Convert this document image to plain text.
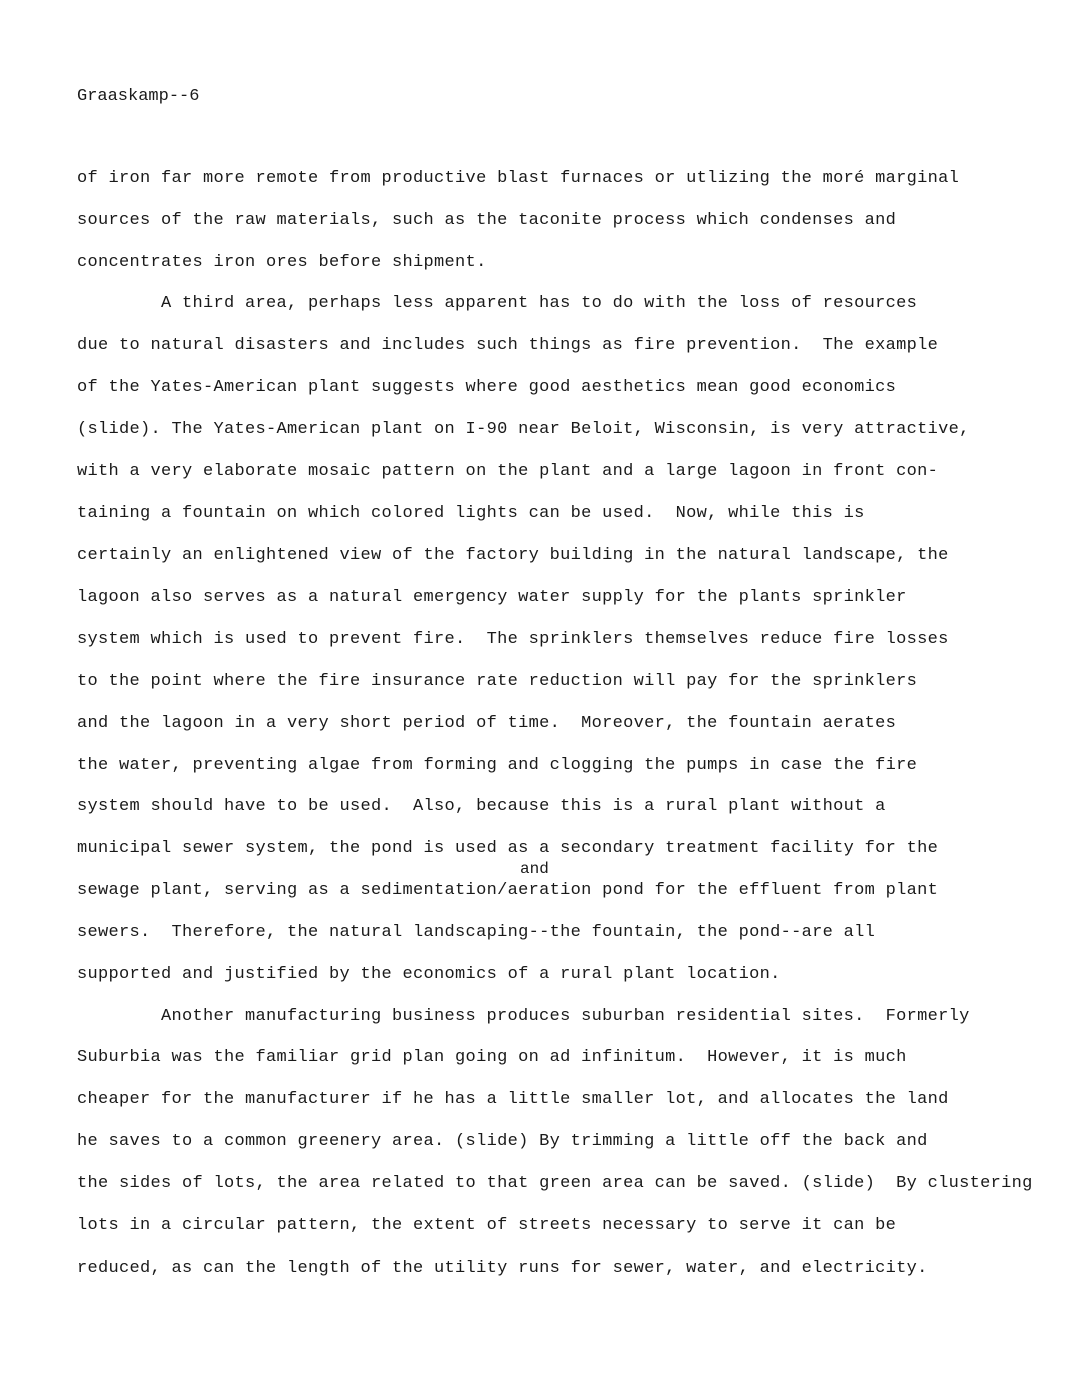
Graaskamp--6
of iron far more remote from productive blast furnaces or utlizing the moré marginal
sources of the raw materials, such as the taconite process which condenses and
concentrates iron ores before shipment.
A third area, perhaps less apparent has to do with the loss of resources
due to natural disasters and includes such things as fire prevention.  The example
of the Yates-American plant suggests where good aesthetics mean good economics
(slide). The Yates-American plant on I-90 near Beloit, Wisconsin, is very attractive,
with a very elaborate mosaic pattern on the plant and a large lagoon in front con-
taining a fountain on which colored lights can be used.  Now, while this is
certainly an enlightened view of the factory building in the natural landscape, the
lagoon also serves as a natural emergency water supply for the plants sprinkler
system which is used to prevent fire.  The sprinklers themselves reduce fire losses
to the point where the fire insurance rate reduction will pay for the sprinklers
and the lagoon in a very short period of time.  Moreover, the fountain aerates
the water, preventing algae from forming and clogging the pumps in case the fire
system should have to be used.  Also, because this is a rural plant without a
municipal sewer system, the pond is used as a secondary treatment facility for the
and
sewage plant, serving as a sedimentation/aeration pond for the effluent from plant
sewers.  Therefore, the natural landscaping--the fountain, the pond--are all
supported and justified by the economics of a rural plant location.
Another manufacturing business produces suburban residential sites.  Formerly
Suburbia was the familiar grid plan going on ad infinitum.  However, it is much
cheaper for the manufacturer if he has a little smaller lot, and allocates the land
he saves to a common greenery area. (slide) By trimming a little off the back and
the sides of lots, the area related to that green area can be saved. (slide)  By clustering
lots in a circular pattern, the extent of streets necessary to serve it can be
reduced, as can the length of the utility runs for sewer, water, and electricity.
